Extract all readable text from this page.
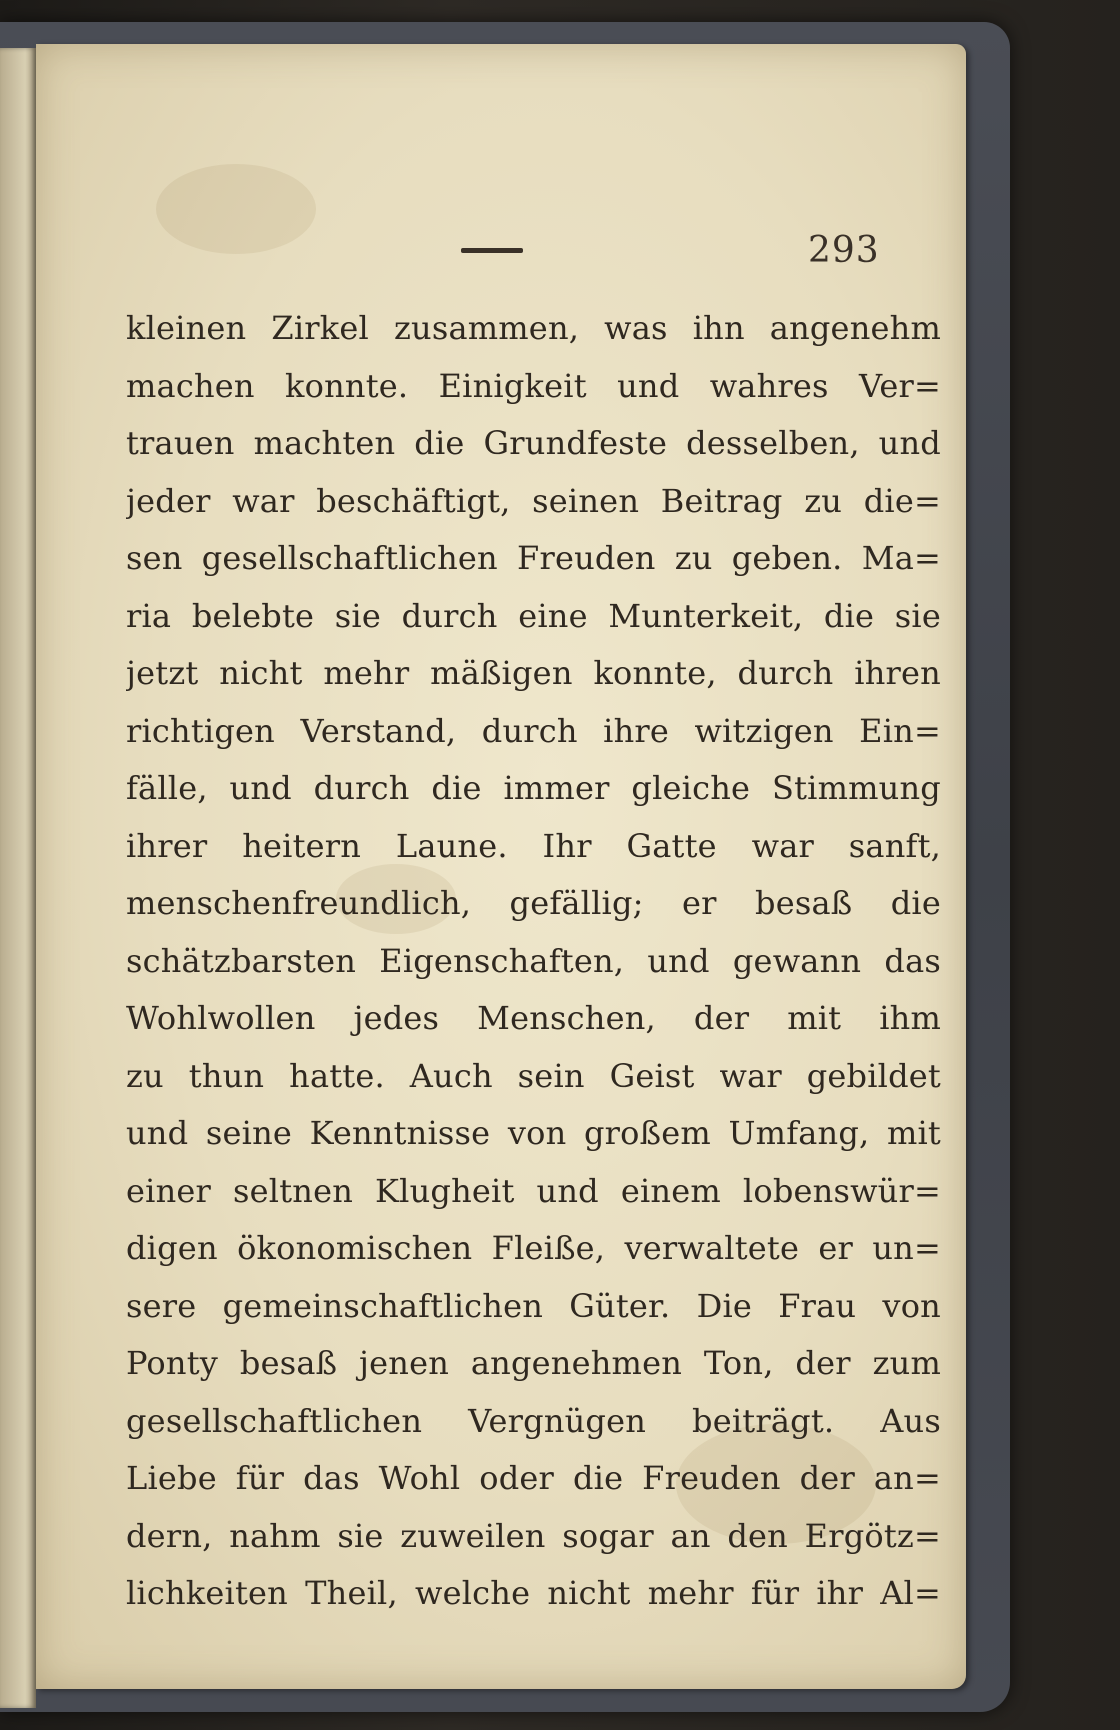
293
kleinen Zirkel zusammen, was ihn angenehm
machen konnte. Einigkeit und wahres Ver=
trauen machten die Grundfeste desselben, und
jeder war beschäftigt, seinen Beitrag zu die=
sen gesellschaftlichen Freuden zu geben. Ma=
ria belebte sie durch eine Munterkeit, die sie
jetzt nicht mehr mäßigen konnte, durch ihren
richtigen Verstand, durch ihre witzigen Ein=
fälle, und durch die immer gleiche Stimmung
ihrer heitern Laune. Ihr Gatte war sanft,
menschenfreundlich, gefällig; er besaß die
schätzbarsten Eigenschaften, und gewann das
Wohlwollen jedes Menschen, der mit ihm
zu thun hatte. Auch sein Geist war gebildet
und seine Kenntnisse von großem Umfang, mit
einer seltnen Klugheit und einem lobenswür=
digen ökonomischen Fleiße, verwaltete er un=
sere gemeinschaftlichen Güter. Die Frau von
Ponty besaß jenen angenehmen Ton, der zum
gesellschaftlichen Vergnügen beiträgt. Aus
Liebe für das Wohl oder die Freuden der an=
dern, nahm sie zuweilen sogar an den Ergötz=
lichkeiten Theil, welche nicht mehr für ihr Al=
